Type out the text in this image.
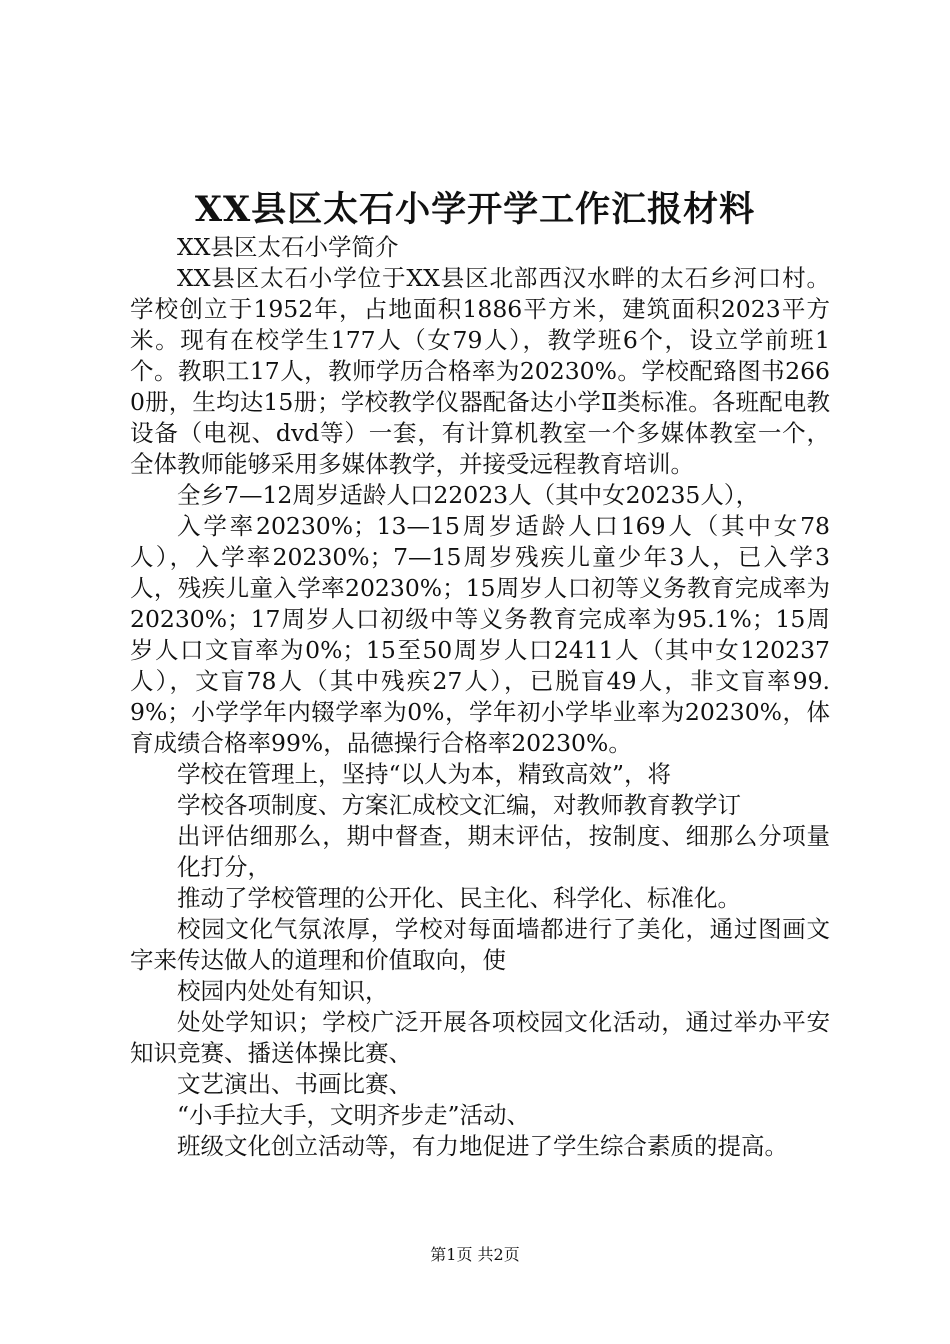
XX县区太石小学开学工作汇报材料

XX县区太石小学简介

XX县区太石小学位于XX县区北部西汉水畔的太石乡河口村。学校创立于1952年，占地面积1886平方米，建筑面积2023平方米。现有在校学生177人（女79人），教学班6个，设立学前班1个。教职工17人，教师学历合格率为20230%。学校配臵图书2660册，生均达15册；学校教学仪器配备达小学Ⅱ类标准。各班配电教设备（电视、dvd等）一套，有计算机教室一个多媒体教室一个，全体教师能够采用多媒体教学，并接受远程教育培训。

全乡7—12周岁适龄人口22023人（其中女20235人），

入学率20230%；13—15周岁适龄人口169人（其中女78人），入学率20230%；7—15周岁残疾儿童少年3人，已入学3人，残疾儿童入学率20230%；15周岁人口初等义务教育完成率为20230%；17周岁人口初级中等义务教育完成率为95.1%；15周岁人口文盲率为0%；15至50周岁人口2411人（其中女120237人），文盲78人（其中残疾27人），已脱盲49人，非文盲率99.9%；小学学年内辍学率为0%，学年初小学毕业率为20230%，体育成绩合格率99%，品德操行合格率20230%。

学校在管理上，坚持“以人为本，精致高效”，将

学校各项制度、方案汇成校文汇编，对教师教育教学订

出评估细那么，期中督查，期末评估，按制度、细那么分项量化打分，

推动了学校管理的公开化、民主化、科学化、标准化。

校园文化气氛浓厚，学校对每面墙都进行了美化，通过图画文字来传达做人的道理和价值取向，使

校园内处处有知识，

处处学知识；学校广泛开展各项校园文化活动，通过举办平安知识竞赛、播送体操比赛、

文艺演出、书画比赛、

“小手拉大手，文明齐步走”活动、

班级文化创立活动等，有力地促进了学生综合素质的提高。

第1页 共2页
